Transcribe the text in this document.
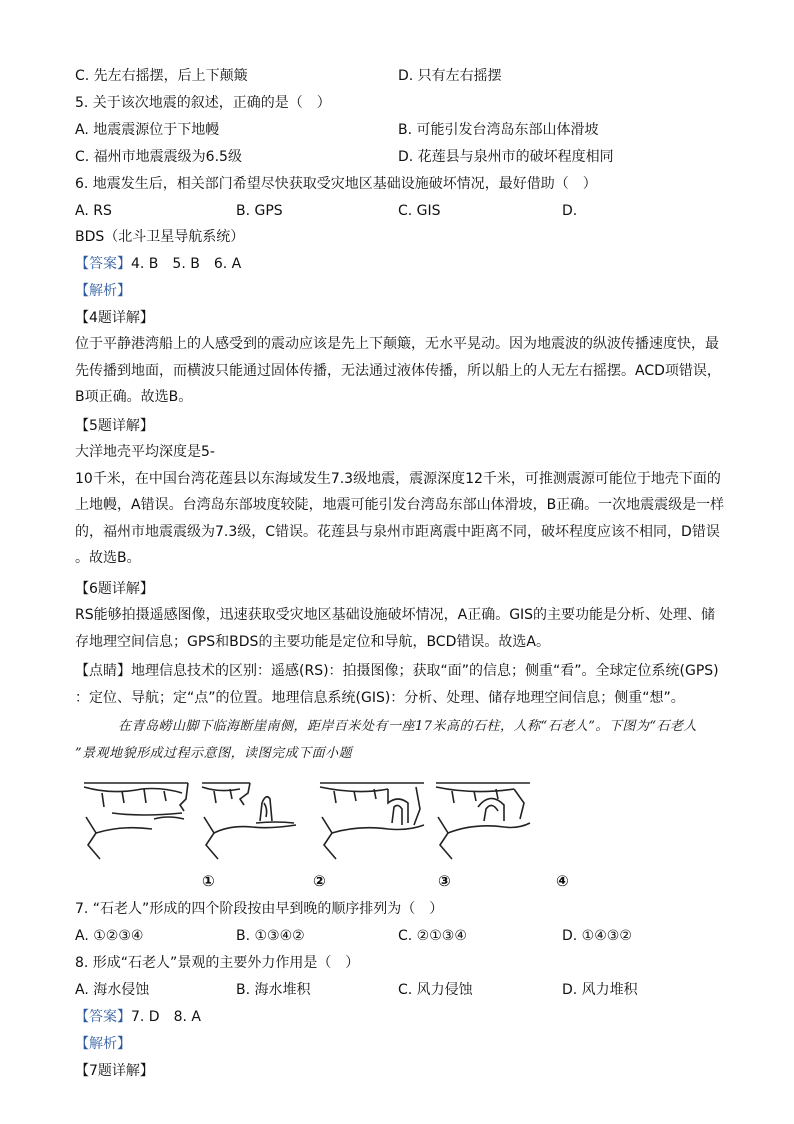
C. 先左右摇摆，后上下颠簸	D. 只有左右摇摆
5. 关于该次地震的叙述，正确的是（　）
A. 地震震源位于下地幔	B. 可能引发台湾岛东部山体滑坡
C. 福州市地震震级为6.5级	D. 花莲县与泉州市的破坏程度相同
6. 地震发生后，相关部门希望尽快获取受灾地区基础设施破坏情况，最好借助（　）
A. RS	B. GPS	C. GIS	D.
BDS（北斗卫星导航系统）
【答案】4. B　5. B　6. A
【解析】
【4题详解】

位于平静港湾船上的人感受到的震动应该是先上下颠簸，无水平晃动。因为地震波的纵波传播速度快，最

先传播到地面，而横波只能通过固体传播，无法通过液体传播，所以船上的人无左右摇摆。ACD项错误，

B项正确。故选B。

【5题详解】

大洋地壳平均深度是5-

10千米，在中国台湾花莲县以东海域发生7.3级地震，震源深度12千米，可推测震源可能位于地壳下面的

上地幔，A错误。台湾岛东部坡度较陡，地震可能引发台湾岛东部山体滑坡，B正确。一次地震震级是一样

的，福州市地震震级为7.3级，C错误。花莲县与泉州市距离震中距离不同，破坏程度应该不相同，D错误

。故选B。

【6题详解】

RS能够拍摄遥感图像，迅速获取受灾地区基础设施破坏情况，A正确。GIS的主要功能是分析、处理、储

存地理空间信息；GPS和BDS的主要功能是定位和导航，BCD错误。故选A。

【点睛】地理信息技术的区别：遥感(RS)：拍摄图像；获取“面”的信息；侧重“看”。全球定位系统(GPS)
：定位、导航；定“点”的位置。地理信息系统(GIS)：分析、处理、储存地理空间信息；侧重“想”。
在青岛崂山脚下临海断崖南侧，距岸百米处有一座17米高的石柱，人称“石老人”。下图为“石老人
”景观地貌形成过程示意图，读图完成下面小题
①	②	③	④
7. “石老人”形成的四个阶段按由早到晚的顺序排列为（　）
A. ①②③④	B. ①③④②	C. ②①③④	D. ①④③②
8. 形成“石老人”景观的主要外力作用是（　）
A. 海水侵蚀	B. 海水堆积	C. 风力侵蚀	D. 风力堆积
【答案】7. D　8. A
【解析】
【7题详解】
